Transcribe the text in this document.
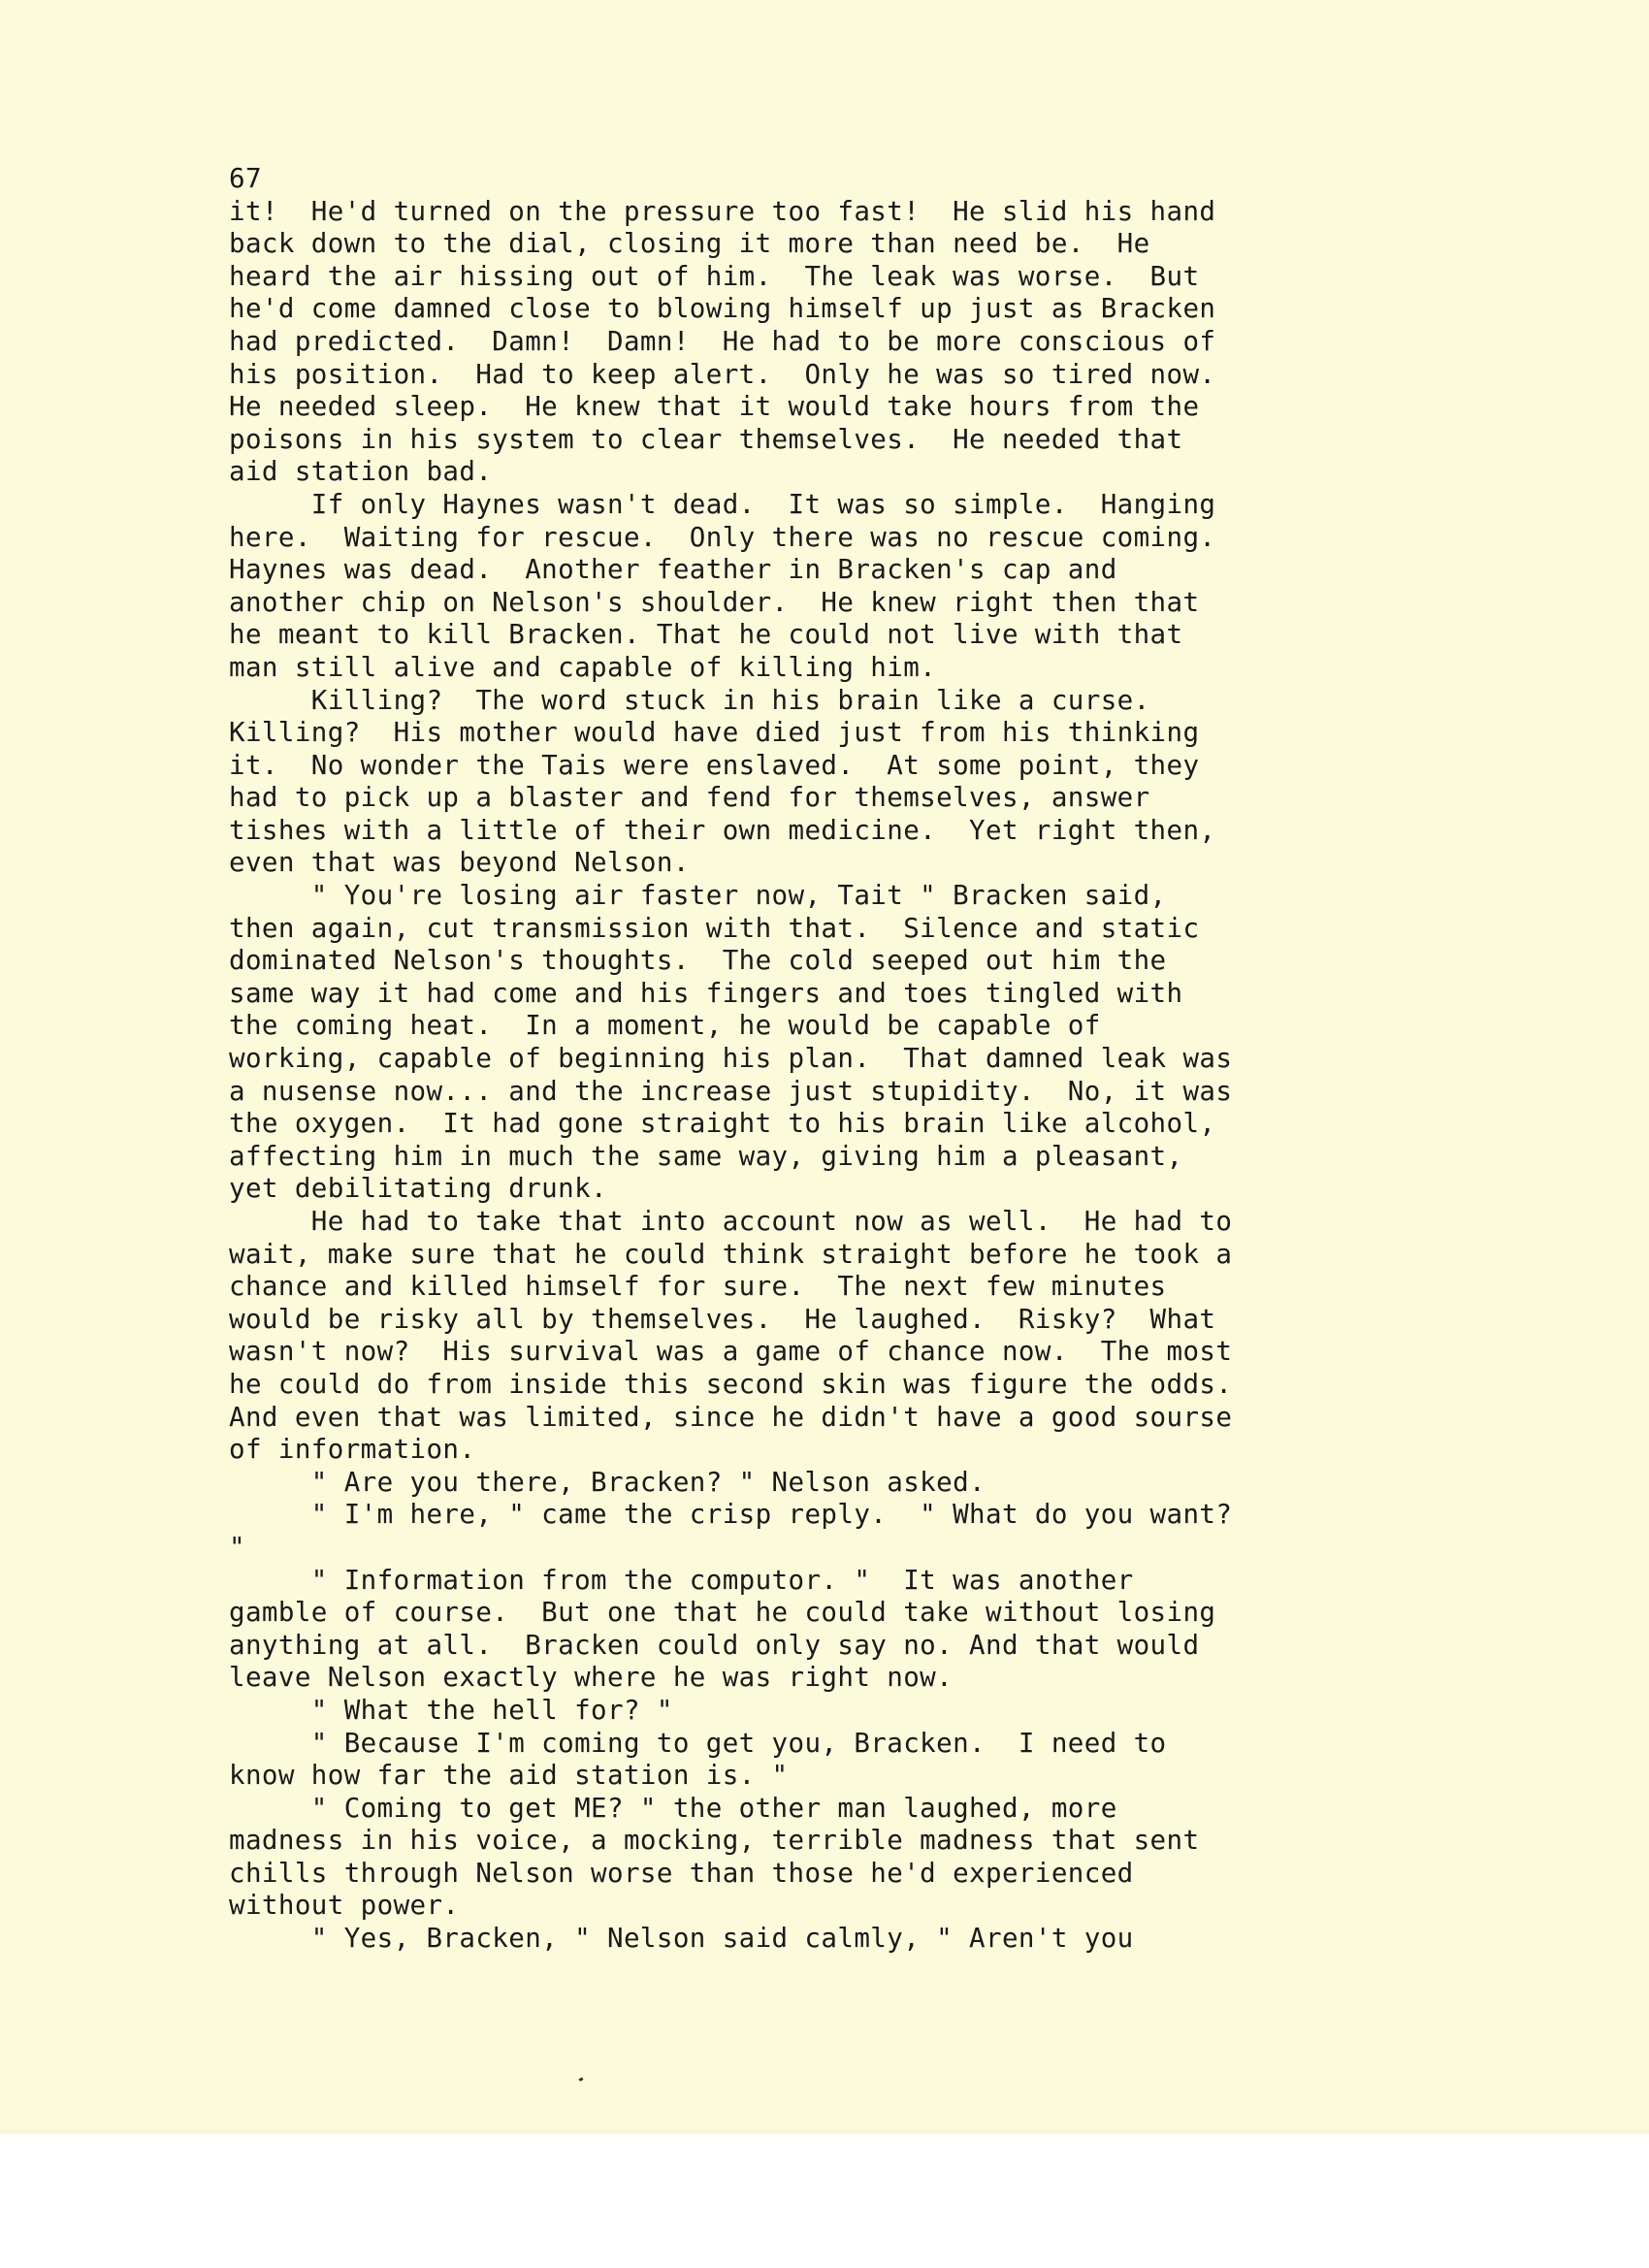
67
it!  He'd turned on the pressure too fast!  He slid his hand
back down to the dial, closing it more than need be.  He
heard the air hissing out of him.  The leak was worse.  But
he'd come damned close to blowing himself up just as Bracken
had predicted.  Damn!  Damn!  He had to be more conscious of
his position.  Had to keep alert.  Only he was so tired now.
He needed sleep.  He knew that it would take hours from the
poisons in his system to clear themselves.  He needed that
aid station bad.
If only Haynes wasn't dead.  It was so simple.  Hanging
here.  Waiting for rescue.  Only there was no rescue coming.
Haynes was dead.  Another feather in Bracken's cap and
another chip on Nelson's shoulder.  He knew right then that
he meant to kill Bracken. That he could not live with that
man still alive and capable of killing him.
Killing?  The word stuck in his brain like a curse.
Killing?  His mother would have died just from his thinking
it.  No wonder the Tais were enslaved.  At some point, they
had to pick up a blaster and fend for themselves, answer
tishes with a little of their own medicine.  Yet right then,
even that was beyond Nelson.
" You're losing air faster now, Tait " Bracken said,
then again, cut transmission with that.  Silence and static
dominated Nelson's thoughts.  The cold seeped out him the
same way it had come and his fingers and toes tingled with
the coming heat.  In a moment, he would be capable of
working, capable of beginning his plan.  That damned leak was
a nusense now... and the increase just stupidity.  No, it was
the oxygen.  It had gone straight to his brain like alcohol,
affecting him in much the same way, giving him a pleasant,
yet debilitating drunk.
He had to take that into account now as well.  He had to
wait, make sure that he could think straight before he took a
chance and killed himself for sure.  The next few minutes
would be risky all by themselves.  He laughed.  Risky?  What
wasn't now?  His survival was a game of chance now.  The most
he could do from inside this second skin was figure the odds.
And even that was limited, since he didn't have a good sourse
of information.
" Are you there, Bracken? " Nelson asked.
" I'm here, " came the crisp reply.  " What do you want?
"
" Information from the computor. "  It was another
gamble of course.  But one that he could take without losing
anything at all.  Bracken could only say no. And that would
leave Nelson exactly where he was right now.
" What the hell for? "
" Because I'm coming to get you, Bracken.  I need to
know how far the aid station is. "
" Coming to get ME? " the other man laughed, more
madness in his voice, a mocking, terrible madness that sent
chills through Nelson worse than those he'd experienced
without power.
" Yes, Bracken, " Nelson said calmly, " Aren't you
